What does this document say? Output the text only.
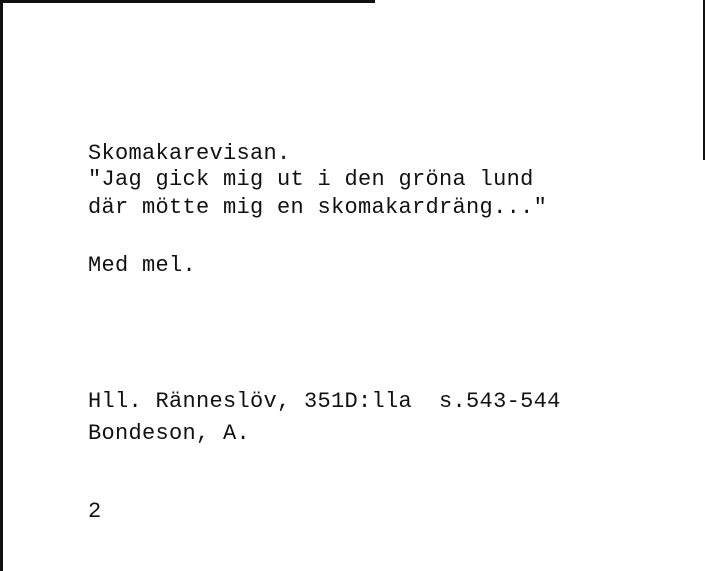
Skomakarevisan.
"Jag gick mig ut i den gröna lund
där mötte mig en skomakardräng..."
Med mel.
Hll. Ränneslöv, 351D:lla  s.543-544
Bondeson, A.
2
